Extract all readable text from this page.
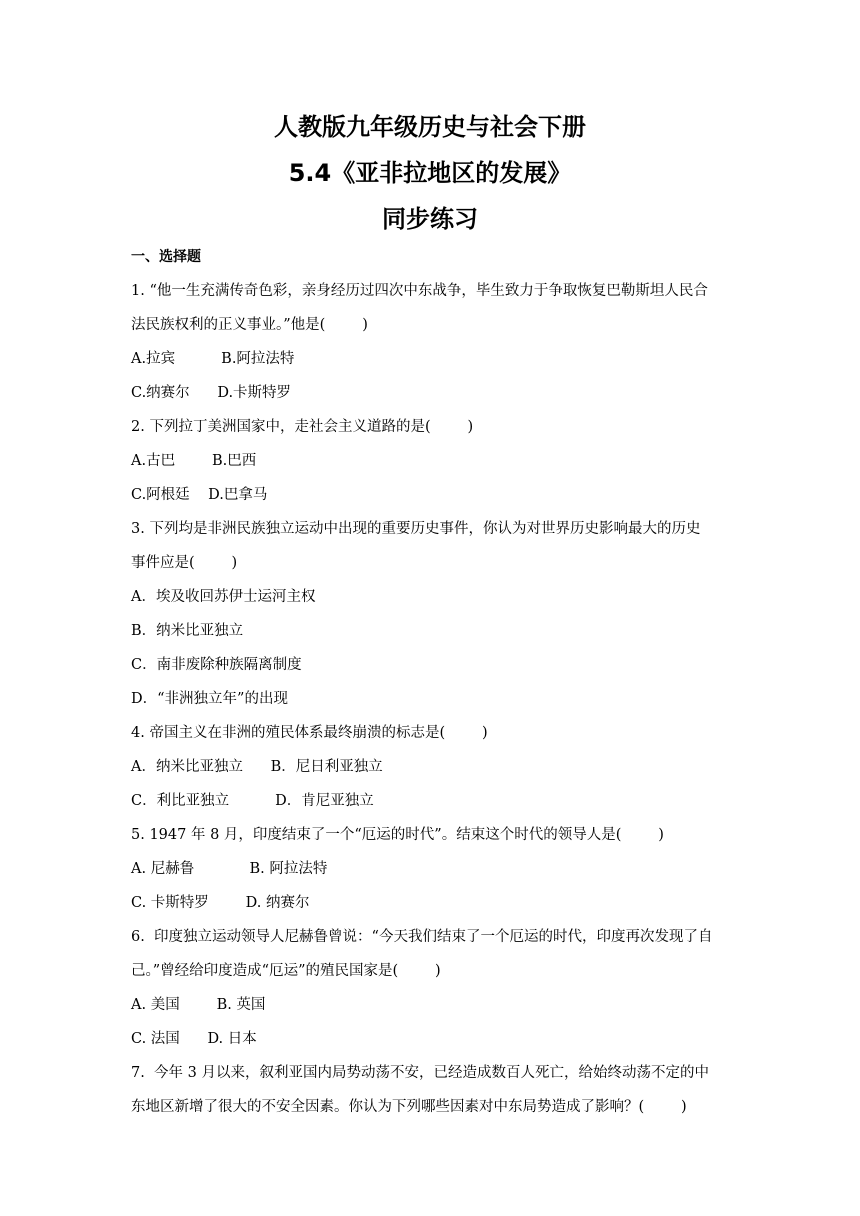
人教版九年级历史与社会下册
5.4《亚非拉地区的发展》
同步练习
一、选择题
1. “他一生充满传奇色彩，亲身经历过四次中东战争，毕生致力于争取恢复巴勒斯坦人民合
法民族权利的正义事业。”他是(        )
A.拉宾          B.阿拉法特
C.纳赛尔      D.卡斯特罗
2. 下列拉丁美洲国家中，走社会主义道路的是(        )
A.古巴        B.巴西
C.阿根廷    D.巴拿马
3. 下列均是非洲民族独立运动中出现的重要历史事件，你认为对世界历史影响最大的历史
事件应是(        )
A．埃及收回苏伊士运河主权
B．纳米比亚独立
C．南非废除种族隔离制度
D．“非洲独立年”的出现
4. 帝国主义在非洲的殖民体系最终崩溃的标志是(        )
A．纳米比亚独立      B．尼日利亚独立
C．利比亚独立          D．肯尼亚独立
5. 1947 年 8 月，印度结束了一个“厄运的时代”。结束这个时代的领导人是(        )
A. 尼赫鲁            B. 阿拉法特
C. 卡斯特罗        D. 纳赛尔
6.  印度独立运动领导人尼赫鲁曾说：“今天我们结束了一个厄运的时代，印度再次发现了自
己。”曾经给印度造成“厄运”的殖民国家是(        )
A. 美国        B. 英国
C. 法国      D. 日本
7.  今年 3 月以来，叙利亚国内局势动荡不安，已经造成数百人死亡，给始终动荡不定的中
东地区新增了很大的不安全因素。你认为下列哪些因素对中东局势造成了影响？(        )
